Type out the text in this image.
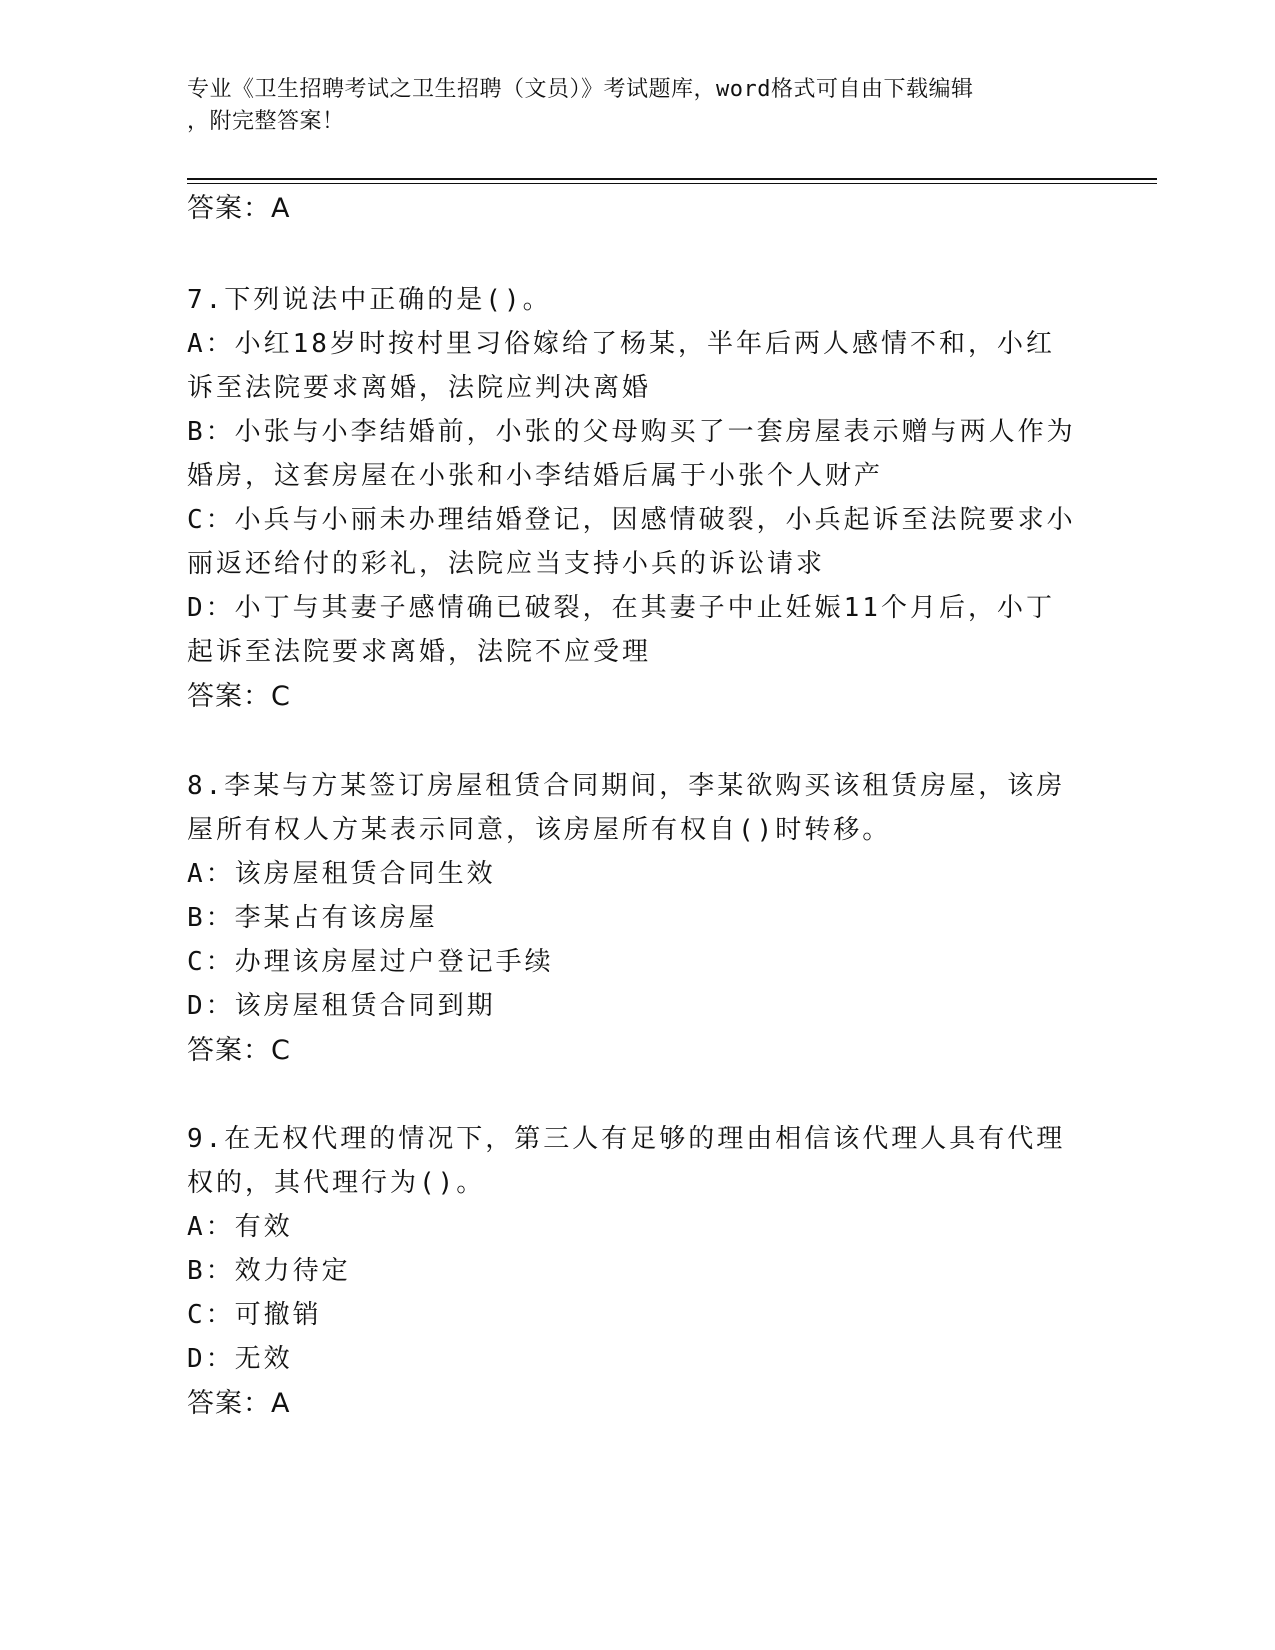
专业《卫生招聘考试之卫生招聘（文员）》考试题库，word格式可自由下载编辑
，附完整答案！
答案：A
7.下列说法中正确的是()。
A：小红18岁时按村里习俗嫁给了杨某，半年后两人感情不和，小红
诉至法院要求离婚，法院应判决离婚
B：小张与小李结婚前，小张的父母购买了一套房屋表示赠与两人作为
婚房，这套房屋在小张和小李结婚后属于小张个人财产
C：小兵与小丽未办理结婚登记，因感情破裂，小兵起诉至法院要求小
丽返还给付的彩礼，法院应当支持小兵的诉讼请求
D：小丁与其妻子感情确已破裂，在其妻子中止妊娠11个月后，小丁
起诉至法院要求离婚，法院不应受理
答案：C
8.李某与方某签订房屋租赁合同期间，李某欲购买该租赁房屋，该房
屋所有权人方某表示同意，该房屋所有权自()时转移。
A：该房屋租赁合同生效
B：李某占有该房屋
C：办理该房屋过户登记手续
D：该房屋租赁合同到期
答案：C
9.在无权代理的情况下，第三人有足够的理由相信该代理人具有代理
权的，其代理行为()。
A：有效
B：效力待定
C：可撤销
D：无效
答案：A
